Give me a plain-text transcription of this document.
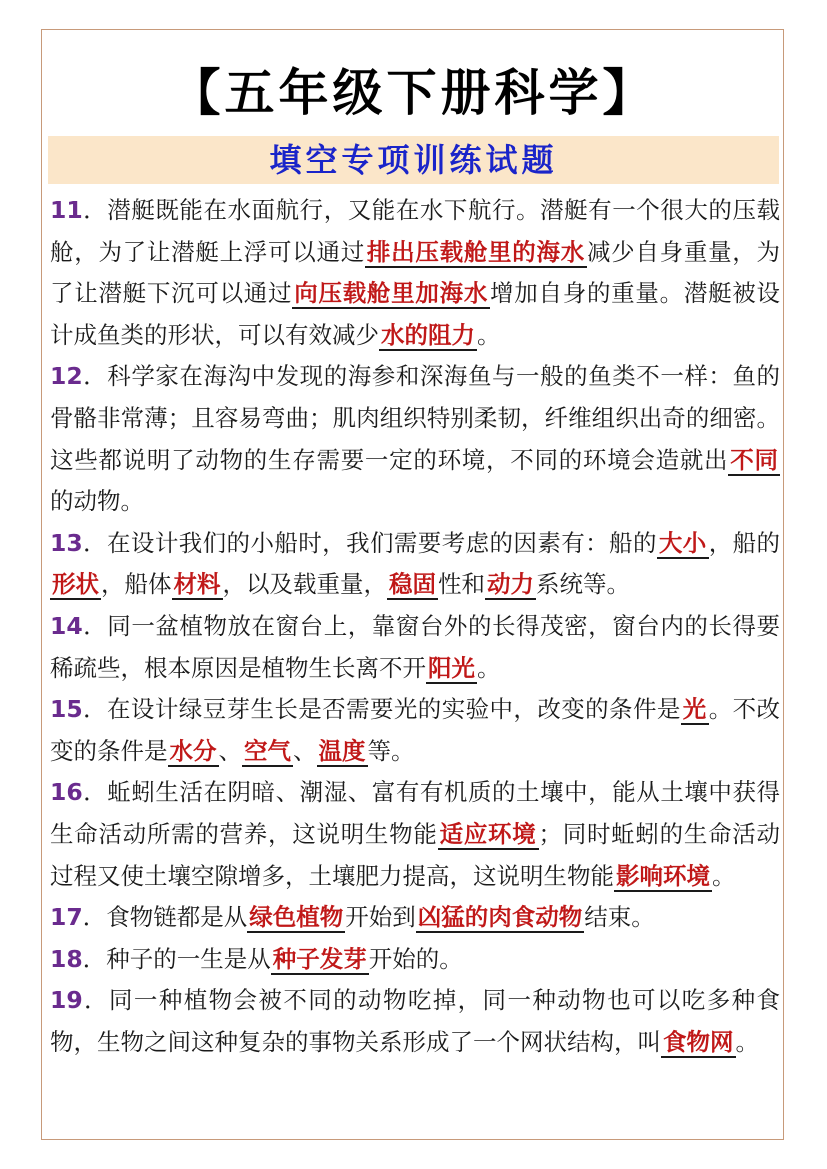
【五年级下册科学】
填空专项训练试题

11．潜艇既能在水面航行，又能在水下航行。潜艇有一个很大的压载舱，为了让潜艇上浮可以通过排出压载舱里的海水减少自身重量，为了让潜艇下沉可以通过向压载舱里加海水增加自身的重量。潜艇被设计成鱼类的形状，可以有效减少水的阻力。

12．科学家在海沟中发现的海参和深海鱼与一般的鱼类不一样：鱼的骨骼非常薄；且容易弯曲；肌肉组织特别柔韧，纤维组织出奇的细密。这些都说明了动物的生存需要一定的环境，不同的环境会造就出不同的动物。

13．在设计我们的小船时，我们需要考虑的因素有：船的大小，船的形状，船体材料，以及载重量，稳固性和动力系统等。

14．同一盆植物放在窗台上，靠窗台外的长得茂密，窗台内的长得要稀疏些，根本原因是植物生长离不开阳光。

15．在设计绿豆芽生长是否需要光的实验中，改变的条件是光。不改变的条件是水分、空气、温度等。

16．蚯蚓生活在阴暗、潮湿、富有有机质的土壤中，能从土壤中获得生命活动所需的营养，这说明生物能适应环境；同时蚯蚓的生命活动过程又使土壤空隙增多，土壤肥力提高，这说明生物能影响环境。

17．食物链都是从绿色植物开始到凶猛的肉食动物结束。

18．种子的一生是从种子发芽开始的。

19．同一种植物会被不同的动物吃掉，同一种动物也可以吃多种食物，生物之间这种复杂的事物关系形成了一个网状结构，叫食物网。
